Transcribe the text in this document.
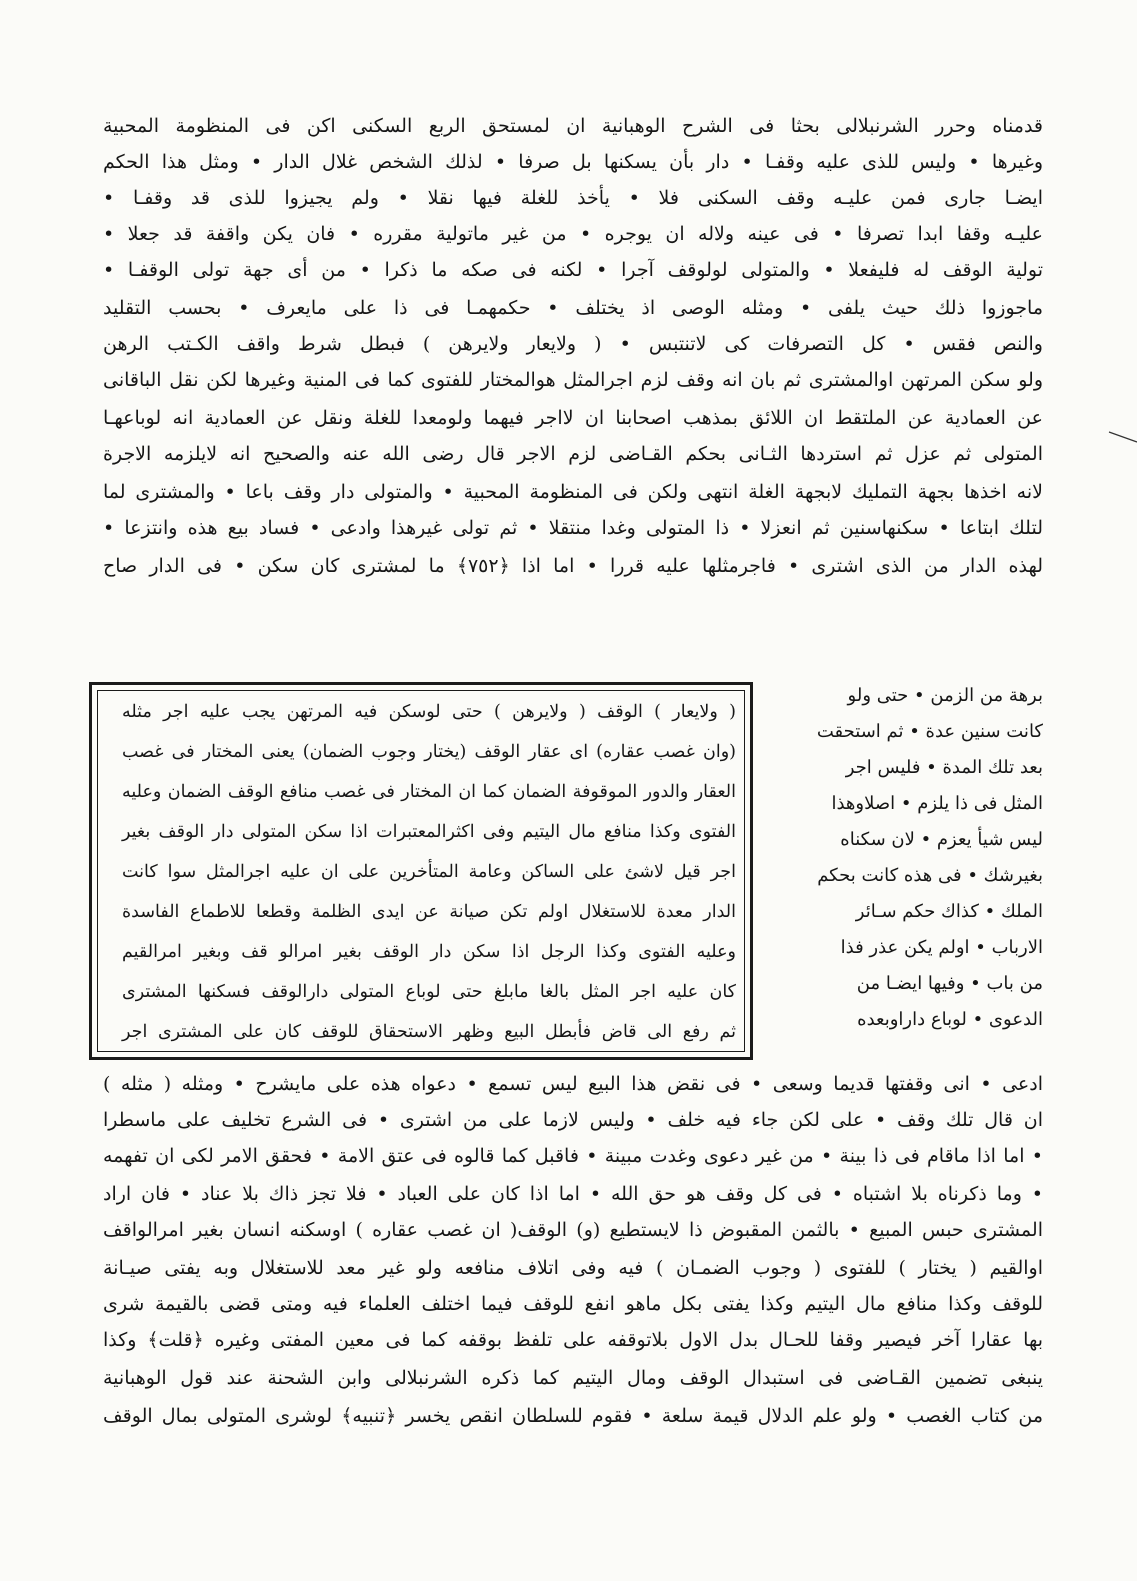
قدمناه وحرر الشرنبلالى بحثا فى الشرح الوهبانية ان لمستحق الربع السكنى اكن فى المنظومة المحبية
وغيرها • وليس للذى عليه وقفـا • دار بأن يسكنها بل صرفا • لذلك الشخص غلال الدار • ومثل هذا الحكم
ايضـا جارى فمن عليـه وقف السكنى فلا • يأخذ للغلة فيها نقلا • ولم يجيزوا للذى قد وقفـا •
عليـه وقفا ابدا تصرفا • فى عينه ولاله ان يوجره • من غير ماتولية مقرره • فان يكن واقفة قد جعلا •
تولية الوقف له فليفعلا • والمتولى لولوقف آجرا • لكنه فى صكه ما ذكرا • من أى جهة تولى الوقفـا •
ماجوزوا ذلك حيث يلفى • ومثله الوصى اذ يختلف • حكمهمـا فى ذا على مايعرف • بحسب التقليد
والنص فقس • كل التصرفات كى لاتنتبس • ( ولايعار ولايرهن ) فبطل شرط واقف الكـتب الرهن
ولو سكن المرتهن اوالمشترى ثم بان انه وقف لزم اجرالمثل هوالمختار للفتوى كما فى المنية وغيرها لكن نقل الباقانى
عن العمادية عن الملتقط ان اللائق بمذهب اصحابنا ان لااجر فيهما ولومعدا للغلة ونقل عن العمادية انه لوباعهـا
المتولى ثم عزل ثم استردها الثـانى بحكم القـاضى لزم الاجر قال رضى الله عنه والصحيح انه لايلزمه الاجرة
لانه اخذها بجهة التمليك لابجهة الغلة انتهى ولكن فى المنظومة المحبية • والمتولى دار وقف باعا • والمشترى لما
لتلك ابتاعا • سكنهاسنين ثم انعزلا • ذا المتولى وغدا منتقلا • ثم تولى غيرهذا وادعى • فساد بيع هذه وانتزعا •
لهذه الدار من الذى اشترى • فاجرمثلها عليه قررا • اما اذا ﴿٧٥٢﴾ ما لمشترى كان سكن • فى الدار صاح
برهة من الزمن • حتى ولو
كانت سنين عدة • ثم استحقت
بعد تلك المدة • فليس اجر
المثل فى ذا يلزم • اصلاوهذا
ليس شيأ يعزم • لان سكناه
بغيرشك • فى هذه كانت بحكم
الملك • كذاك حكم سـائر
الارباب • اولم يكن عذر فذا
من باب • وفيها ايضـا من
الدعوى • لوباع داراوبعده
( ولايعار ) الوقف ( ولايرهن ) حتى لوسكن فيه المرتهن يجب عليه اجر مثله
(وان غصب عقاره) اى عقار الوقف (يختار وجوب الضمان) يعنى المختار فى غصب
العقار والدور الموقوفة الضمان كما ان المختار فى غصب منافع الوقف الضمان وعليه
الفتوى وكذا منافع مال اليتيم وفى اكثرالمعتبرات اذا سكن المتولى دار الوقف بغير
اجر قيل لاشئ على الساكن وعامة المتأخرين على ان عليه اجرالمثل سوا كانت
الدار معدة للاستغلال اولم تكن صيانة عن ايدى الظلمة وقطعا للاطماع الفاسدة
وعليه الفتوى وكذا الرجل اذا سكن دار الوقف بغير امرالو قف وبغير امرالقيم
كان عليه اجر المثل بالغا مابلغ حتى لوباع المتولى دارالوقف فسكنها المشترى
ثم رفع الى قاض فأبطل البيع وظهر الاستحقاق للوقف كان على المشترى اجر
ادعى • انى وقفتها قديما وسعى • فى نقض هذا البيع ليس تسمع • دعواه هذه على مايشرح • ومثله ( مثله )
ان قال تلك وقف • على لكن جاء فيه خلف • وليس لازما على من اشترى • فى الشرع تخليف على ماسطرا
• اما اذا ماقام فى ذا بينة • من غير دعوى وغدت مبينة • فاقبل كما قالوه فى عتق الامة • فحقق الامر لكى ان تفهمه
• وما ذكرناه بلا اشتباه • فى كل وقف هو حق الله • اما اذا كان على العباد • فلا تجز ذاك بلا عناد • فان اراد
المشترى حبس المبيع • بالثمن المقبوض ذا لايستطيع (و) الوقف( ان غصب عقاره ) اوسكنه انسان بغير امرالواقف
اوالقيم ( يختار ) للفتوى ( وجوب الضمـان ) فيه وفى اتلاف منافعه ولو غير معد للاستغلال وبه يفتى صيـانة
للوقف وكذا منافع مال اليتيم وكذا يفتى بكل ماهو انفع للوقف فيما اختلف العلماء فيه ومتى قضى بالقيمة شرى
بها عقارا آخر فيصير وقفا للحـال بدل الاول بلاتوقفه على تلفظ بوقفه كما فى معين المفتى وغيره ﴿قلت﴾ وكذا
ينبغى تضمين القـاضى فى استبدال الوقف ومال اليتيم كما ذكره الشرنبلالى وابن الشحنة عند قول الوهبانية
من كتاب الغصب • ولو علم الدلال قيمة سلعة • فقوم للسلطان انقص يخسر ﴿تنبيه﴾ لوشرى المتولى بمال الوقف
